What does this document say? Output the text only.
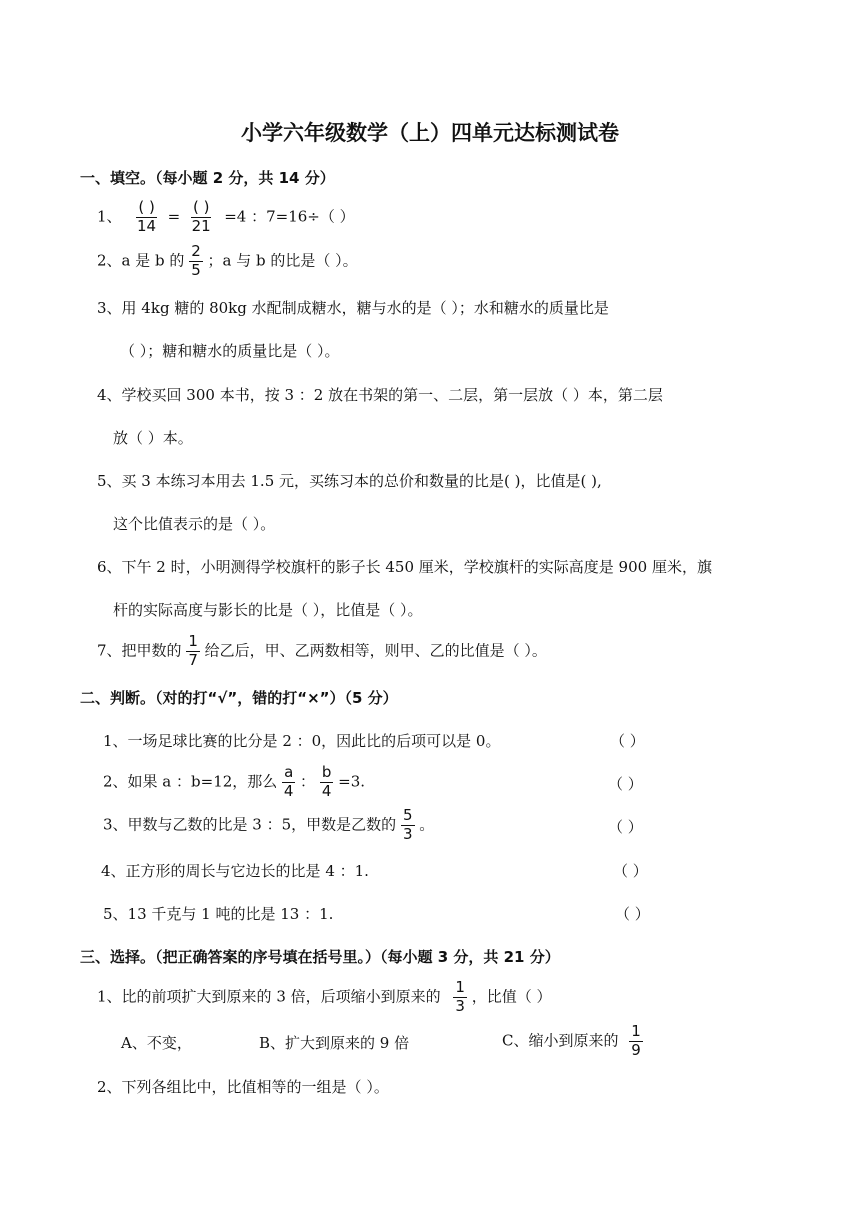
小学六年级数学（上）四单元达标测试卷
一、填空。（每小题 2 分，共 14 分）
1、 $\frac{( )}{14} = \frac{( )}{21} =4$ ：7=16÷（ ）
2、a 是 b 的 $\frac{2}{5}$ ；a 与 b 的比是（ ）。
3、用 4kg 糖的 80kg 水配制成糖水，糖与水的是（ ）；水和糖水的质量比是
（ ）；糖和糖水的质量比是（ ）。
4、学校买回 300 本书，按 3 ：2 放在书架的第一、二层，第一层放（ ）本，第二层
放（ ）本。
5、买 3 本练习本用去 1.5 元，买练习本的总价和数量的比是( )，比值是( ),
这个比值表示的是（ ）。
6、下午 2 时，小明测得学校旗杆的影子长 450 厘米，学校旗杆的实际高度是 900 厘米，旗
杆的实际高度与影长的比是（ ），比值是（ ）。
7、把甲数的 $\frac{1}{7}$ 给乙后，甲、乙两数相等，则甲、乙的比值是（ ）。
二、判断。（对的打“√”，错的打“×”）（5 分）
1、一场足球比赛的比分是 2 ：0，因此比的后项可以是 0。	（ ）
2、如果 a ：b=12，那么 $\frac{a}{4}$ ： $\frac{b}{4} =3$.	（ ）
3、甲数与乙数的比是 3 ：5，甲数是乙数的 $\frac{5}{3}$ 。	（ ）
4、正方形的周长与它边长的比是 4 ：1.	（ ）
5、13 千克与 1 吨的比是 13 ：1.	（ ）
三、选择。（把正确答案的序号填在括号里。）（每小题 3 分，共 21 分）
1、比的前项扩大到原来的 3 倍，后项缩小到原来的 $\frac{1}{3}$ ，比值（ ）
A、不变，	B、扩大到原来的 9 倍	C、缩小到原来的 $\frac{1}{9}$
2、下列各组比中，比值相等的一组是（ ）。
